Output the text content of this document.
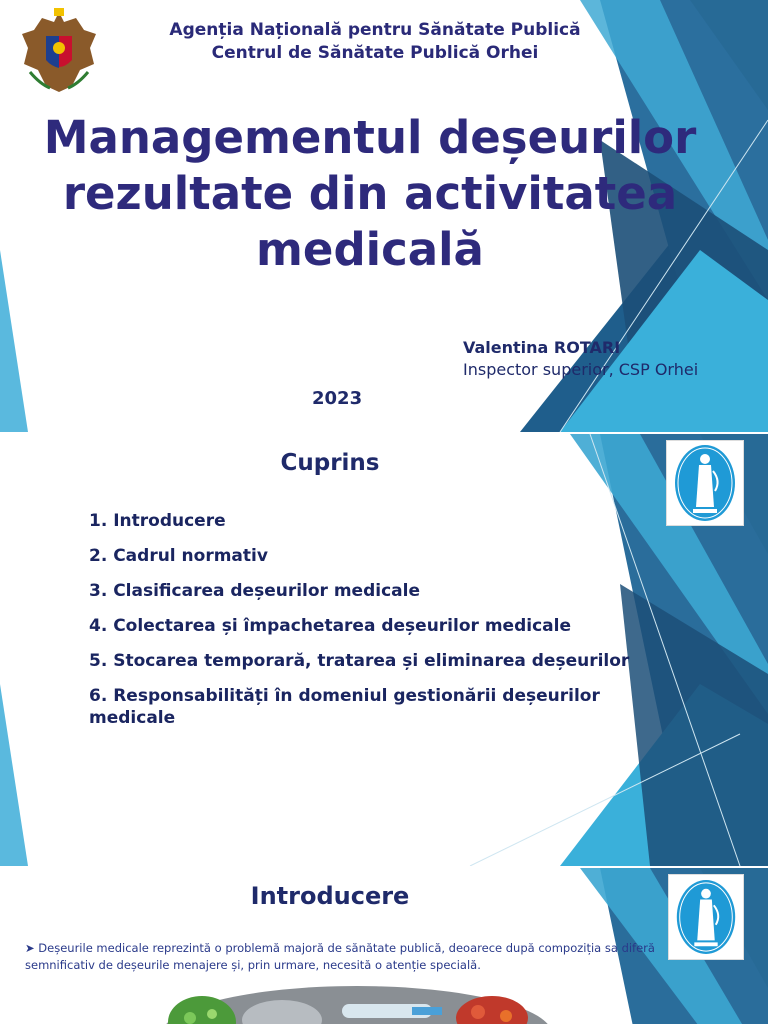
Agenția Națională pentru Sănătate Publică
Centrul de Sănătate Publică Orhei
Managementul deșeurilor rezultate din activitatea medicală
Valentina ROTARI
Inspector superior, CSP Orhei
2023
Cuprins
1. Introducere
2. Cadrul normativ
3. Clasificarea deșeurilor medicale
4. Colectarea și împachetarea deșeurilor medicale
5. Stocarea temporară, tratarea și eliminarea deșeurilor
6. Responsabilități în domeniul gestionării deșeurilor medicale
Introducere

➤ Deșeurile medicale reprezintă o problemă majoră de sănătate publică, deoarece după compoziția sa diferă semnificativ de deșeurile menajere și, prin urmare, necesită o atenție specială.
